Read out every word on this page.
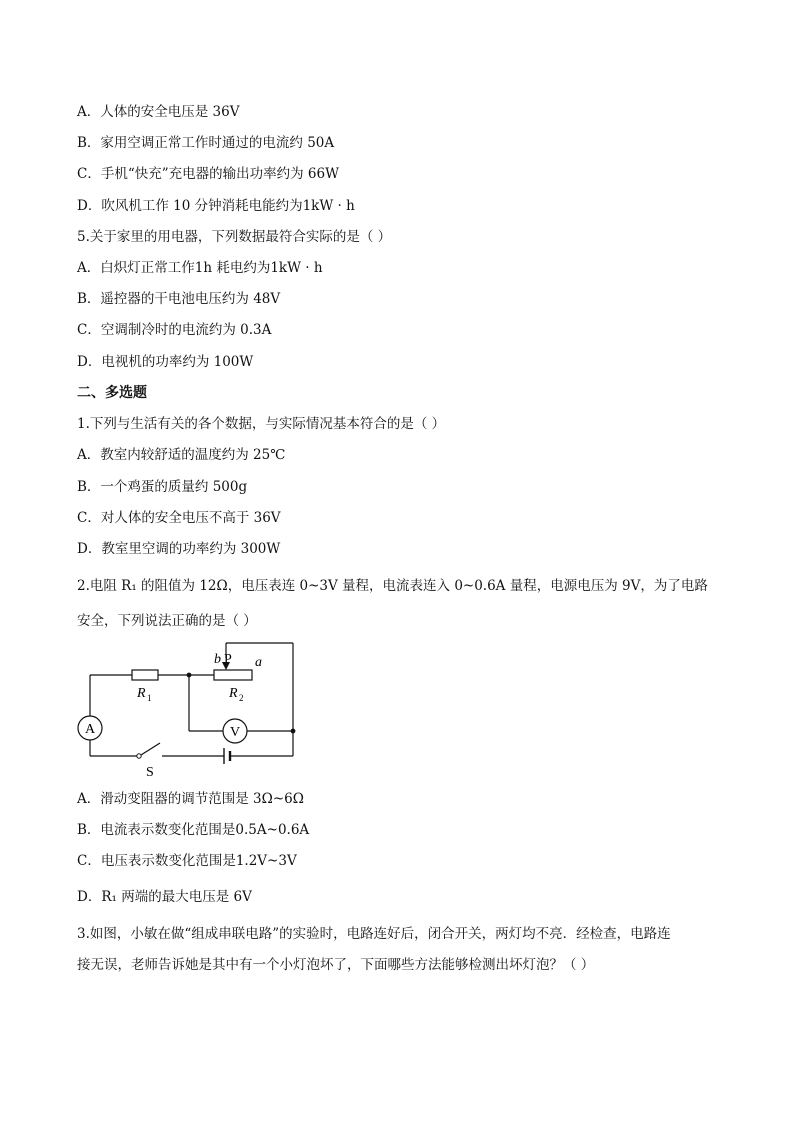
A．人体的安全电压是 36V
B．家用空调正常工作时通过的电流约 50A
C．手机“快充”充电器的输出功率约为 66W
D．吹风机工作 10 分钟消耗电能约为1kW · h
5.关于家里的用电器，下列数据最符合实际的是（ ）
A．白炽灯正常工作1h 耗电约为1kW · h
B．遥控器的干电池电压约为 48V
C．空调制冷时的电流约为 0.3A
D．电视机的功率约为 100W
二、多选题
1.下列与生活有关的各个数据，与实际情况基本符合的是（ ）
A．教室内较舒适的温度约为 25℃
B．一个鸡蛋的质量约 500g
C．对人体的安全电压不高于 36V
D．教室里空调的功率约为 300W
2.电阻 R₁ 的阻值为 12Ω，电压表连 0~3V 量程，电流表连入 0~0.6A 量程，电源电压为 9V，为了电路
安全，下列说法正确的是（ ）
b P a
R 1	R 2
A	V
S
A．滑动变阻器的调节范围是 3Ω~6Ω
B．电流表示数变化范围是0.5A~0.6A
C．电压表示数变化范围是1.2V~3V
D．R₁ 两端的最大电压是 6V
3.如图，小敏在做“组成串联电路”的实验时，电路连好后，闭合开关，两灯均不亮．经检查，电路连
接无误，老师告诉她是其中有一个小灯泡坏了，下面哪些方法能够检测出坏灯泡？（ ）
